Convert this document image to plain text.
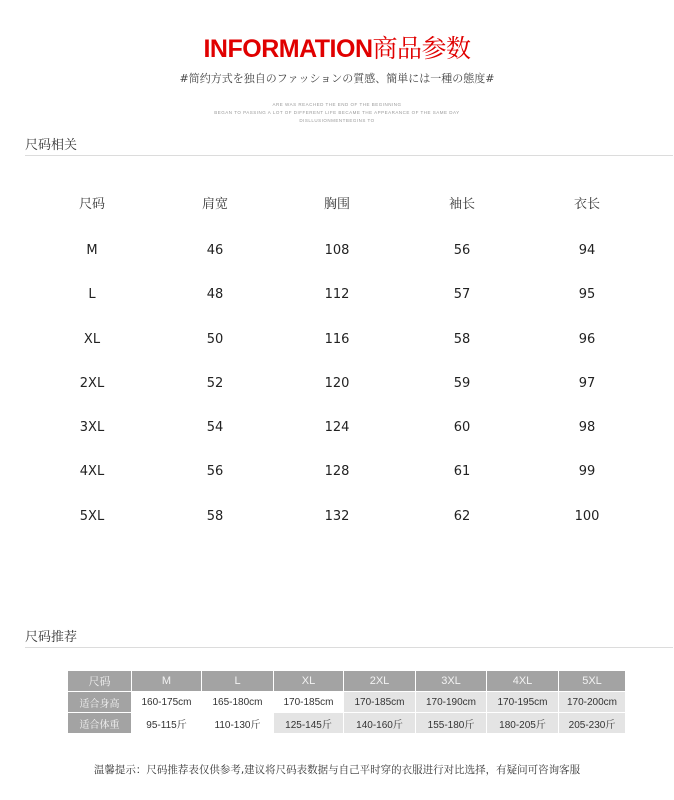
INFORMATION商品参数
#简约方式を独自のファッションの質感、簡単には一種の態度#
ARE WAS REACHED THE END OF THE BEGINNING
BEGAN TO PASSING A LOT OF DIFFERENT LIFE BECAME THE APPEARANCE OF THE SAME DAY
DISLLUSIONMENTBEGINS TO
尺码相关
尺码	肩宽	胸围	袖长	衣长
M	46	108	56	94
L	48	112	57	95
XL	50	116	58	96
2XL	52	120	59	97
3XL	54	124	60	98
4XL	56	128	61	99
5XL	58	132	62	100
尺码推荐
尺码	M	L	XL	2XL	3XL	4XL	5XL
适合身高	160-175cm	165-180cm	170-185cm	170-185cm	170-190cm	170-195cm	170-200cm
适合体重	95-115斤	110-130斤	125-145斤	140-160斤	155-180斤	180-205斤	205-230斤
温馨提示：尺码推荐表仅供参考,建议将尺码表数据与自己平时穿的衣服进行对比选择，有疑问可咨询客服
